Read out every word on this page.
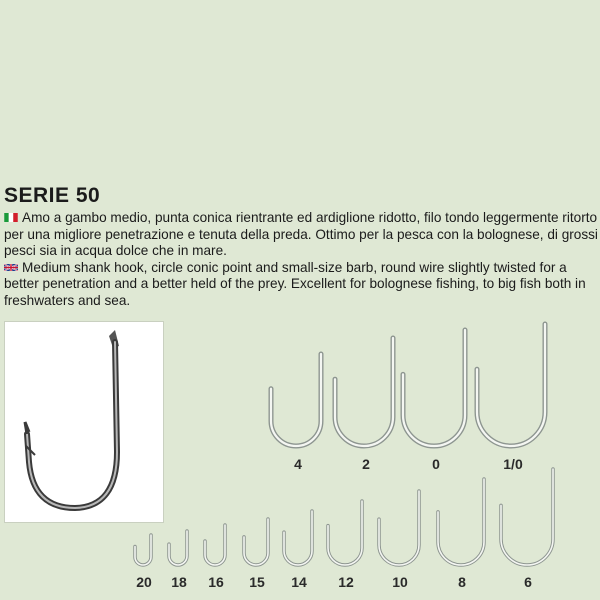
SERIE 50

Amo a gambo medio, punta conica rientrante ed ardiglione ridotto, filo tondo leggermente ritorto per una migliore penetrazione e tenuta della preda. Ottimo per la pesca con la bolognese, di grossi pesci sia in acqua dolce che in mare.

Medium shank hook, circle conic point and small-size barb, round wire slightly twisted for a better penetration and a better held of the prey. Excellent for bolognese fishing, to big fish both in freshwaters and sea.

4	2	0	1/0
20 18 16 15 14 12	10	8	6
